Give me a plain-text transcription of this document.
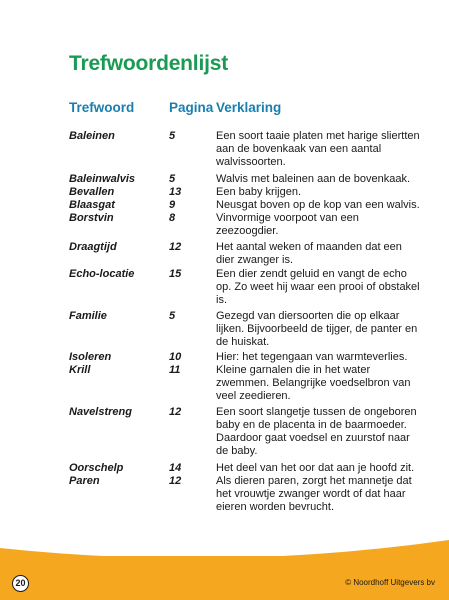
Trefwoordenlijst
Trefwoord	Pagina Verklaring
Baleinen	5	Een soort taaie platen met harige sliertten aan de bovenkaak van een aantal walvissoorten.
Baleinwalvis	5	Walvis met baleinen aan de bovenkaak.
Bevallen	13	Een baby krijgen.
Blaasgat	9	Neusgat boven op de kop van een walvis.
Borstvin	8	Vinvormige voorpoot van een zeezoogdier.
Draagtijd	12	Het aantal weken of maanden dat een dier zwanger is.
Echo-locatie	15	Een dier zendt geluid en vangt de echo op. Zo weet hij waar een prooi of obstakel is.
Familie	5	Gezegd van diersoorten die op elkaar lijken. Bijvoorbeeld de tijger, de panter en de huiskat.
Isoleren	10	Hier: het tegengaan van warmteverlies.
Krill	11	Kleine garnalen die in het water zwemmen. Belangrijke voedselbron van veel zeedieren.
Navelstreng	12	Een soort slangetje tussen de ongeboren baby en de placenta in de baarmoeder. Daardoor gaat voedsel en zuurstof naar de baby.
Oorschelp	14	Het deel van het oor dat aan je hoofd zit.
Paren	12	Als dieren paren, zorgt het mannetje dat het vrouwtje zwanger wordt of dat haar eieren worden bevrucht.
20	© Noordhoff Uitgevers bv
